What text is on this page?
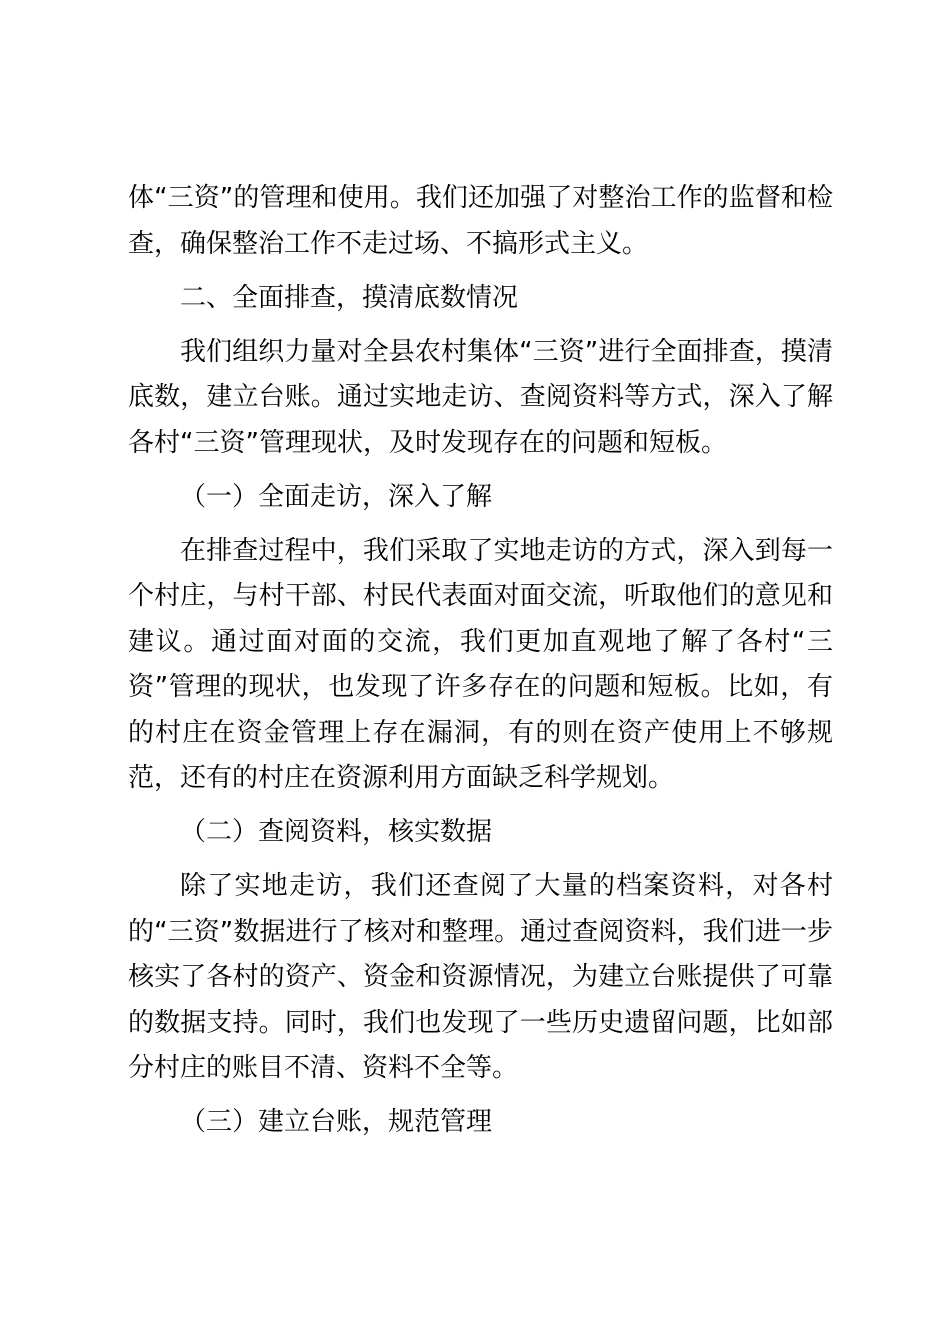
体“三资”的管理和使用。我们还加强了对整治工作的监督和检查，确保整治工作不走过场、不搞形式主义。

二、全面排查，摸清底数情况

我们组织力量对全县农村集体“三资”进行全面排查，摸清底数，建立台账。通过实地走访、查阅资料等方式，深入了解各村“三资”管理现状，及时发现存在的问题和短板。

（一）全面走访，深入了解

在排查过程中，我们采取了实地走访的方式，深入到每一个村庄，与村干部、村民代表面对面交流，听取他们的意见和建议。通过面对面的交流，我们更加直观地了解了各村“三资”管理的现状，也发现了许多存在的问题和短板。比如，有的村庄在资金管理上存在漏洞，有的则在资产使用上不够规范，还有的村庄在资源利用方面缺乏科学规划。

（二）查阅资料，核实数据

除了实地走访，我们还查阅了大量的档案资料，对各村的“三资”数据进行了核对和整理。通过查阅资料，我们进一步核实了各村的资产、资金和资源情况，为建立台账提供了可靠的数据支持。同时，我们也发现了一些历史遗留问题，比如部分村庄的账目不清、资料不全等。

（三）建立台账，规范管理
